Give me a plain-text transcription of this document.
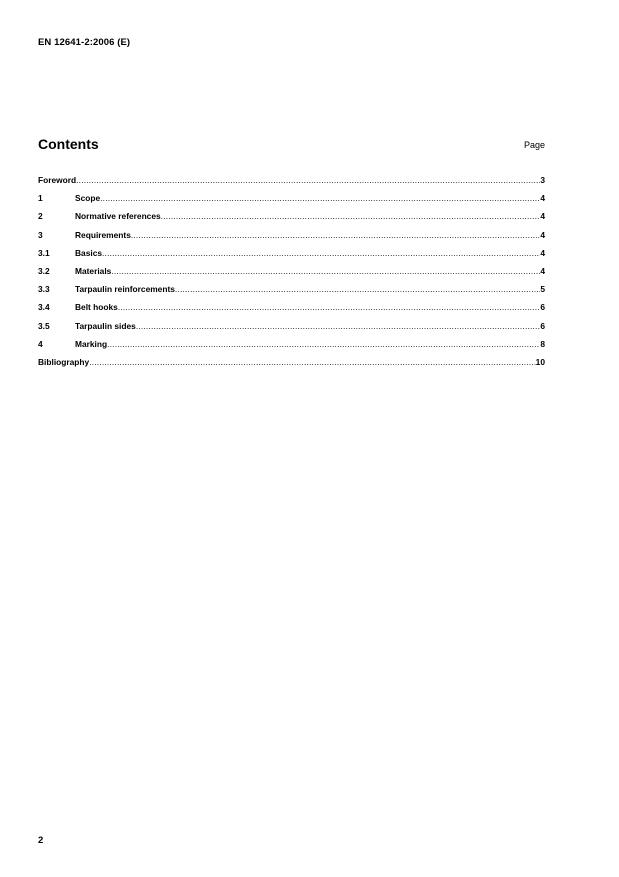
EN 12641-2:2006 (E)
Contents	Page
Foreword .....	3
1	Scope .....	4
2	Normative references .....	4
3	Requirements .....	4
3.1	Basics .....	4
3.2	Materials .....	4
3.3	Tarpaulin reinforcements .....	5
3.4	Belt hooks .....	6
3.5	Tarpaulin sides .....	6
4	Marking .....	8
Bibliography .....	10
2
